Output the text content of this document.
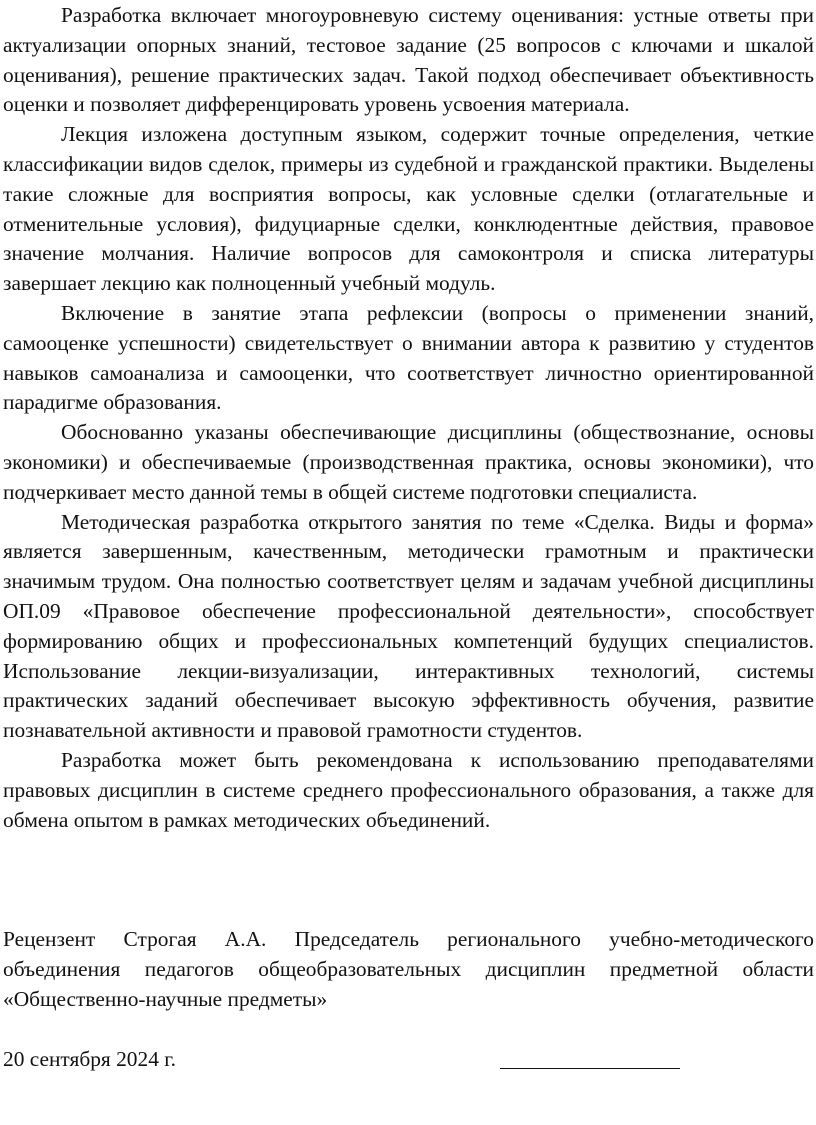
Разработка включает многоуровневую систему оценивания: устные ответы при актуализации опорных знаний, тестовое задание (25 вопросов с ключами и шкалой оценивания), решение практических задач. Такой подход обеспечивает объективность оценки и позволяет дифференцировать уровень усвоения материала.

Лекция изложена доступным языком, содержит точные определения, четкие классификации видов сделок, примеры из судебной и гражданской практики. Выделены такие сложные для восприятия вопросы, как условные сделки (отлагательные и отменительные условия), фидуциарные сделки, конклюдентные действия, правовое значение молчания. Наличие вопросов для самоконтроля и списка литературы завершает лекцию как полноценный учебный модуль.

Включение в занятие этапа рефлексии (вопросы о применении знаний, самооценке успешности) свидетельствует о внимании автора к развитию у студентов навыков самоанализа и самооценки, что соответствует личностно ориентированной парадигме образования.

Обоснованно указаны обеспечивающие дисциплины (обществознание, основы экономики) и обеспечиваемые (производственная практика, основы экономики), что подчеркивает место данной темы в общей системе подготовки специалиста.

Методическая разработка открытого занятия по теме «Сделка. Виды и форма» является завершенным, качественным, методически грамотным и практически значимым трудом. Она полностью соответствует целям и задачам учебной дисциплины ОП.09 «Правовое обеспечение профессиональной деятельности», способствует формированию общих и профессиональных компетенций будущих специалистов. Использование лекции-визуализации, интерактивных технологий, системы практических заданий обеспечивает высокую эффективность обучения, развитие познавательной активности и правовой грамотности студентов.

Разработка может быть рекомендована к использованию преподавателями правовых дисциплин в системе среднего профессионального образования, а также для обмена опытом в рамках методических объединений.

Рецензент Строгая А.А. Председатель регионального учебно-методического объединения педагогов общеобразовательных дисциплин предметной области «Общественно-научные предметы»

20 сентября 2024 г.
